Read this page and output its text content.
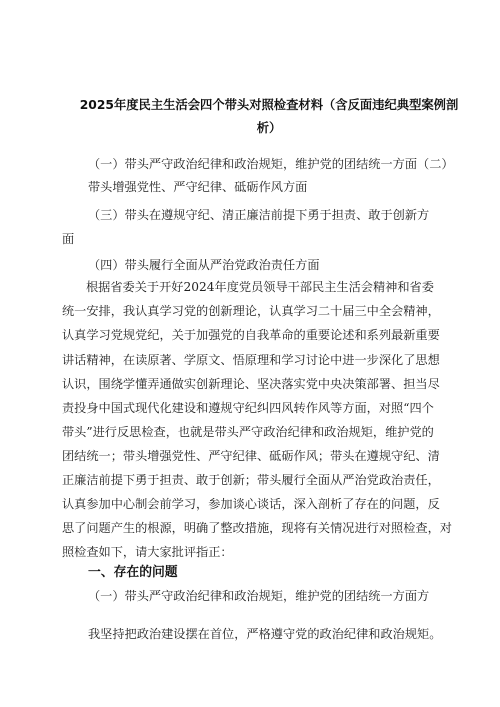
2025年度民主生活会四个带头对照检查材料（含反面违纪典型案例剖析）

（一）带头严守政治纪律和政治规矩，维护党的团结统一方面（二）

带头增强党性、严守纪律、砥砺作风方面

（三）带头在遵规守纪、清正廉洁前提下勇于担责、敢于创新方

面

（四）带头履行全面从严治党政治责任方面

根据省委关于开好2024年度党员领导干部民主生活会精神和省委

统一安排，我认真学习党的创新理论，认真学习二十届三中全会精神，

认真学习党规党纪，关于加强党的自我革命的重要论述和系列最新重要

讲话精神，在读原著、学原文、悟原理和学习讨论中进一步深化了思想

认识，围绕学懂弄通做实创新理论、坚决落实党中央决策部署、担当尽

责投身中国式现代化建设和遵规守纪纠四风转作风等方面，对照“四个

带头”进行反思检查，也就是带头严守政治纪律和政治规矩，维护党的

团结统一；带头增强党性、严守纪律、砥砺作风；带头在遵规守纪、清

正廉洁前提下勇于担责、敢于创新；带头履行全面从严治党政治责任，

认真参加中心制会前学习，参加谈心谈话，深入剖析了存在的问题，反

思了问题产生的根源，明确了整改措施，现将有关情况进行对照检查，对

照检查如下，请大家批评指正：

一、存在的问题

（一）带头严守政治纪律和政治规矩，维护党的团结统一方面方

我坚持把政治建设摆在首位，严格遵守党的政治纪律和政治规矩。
